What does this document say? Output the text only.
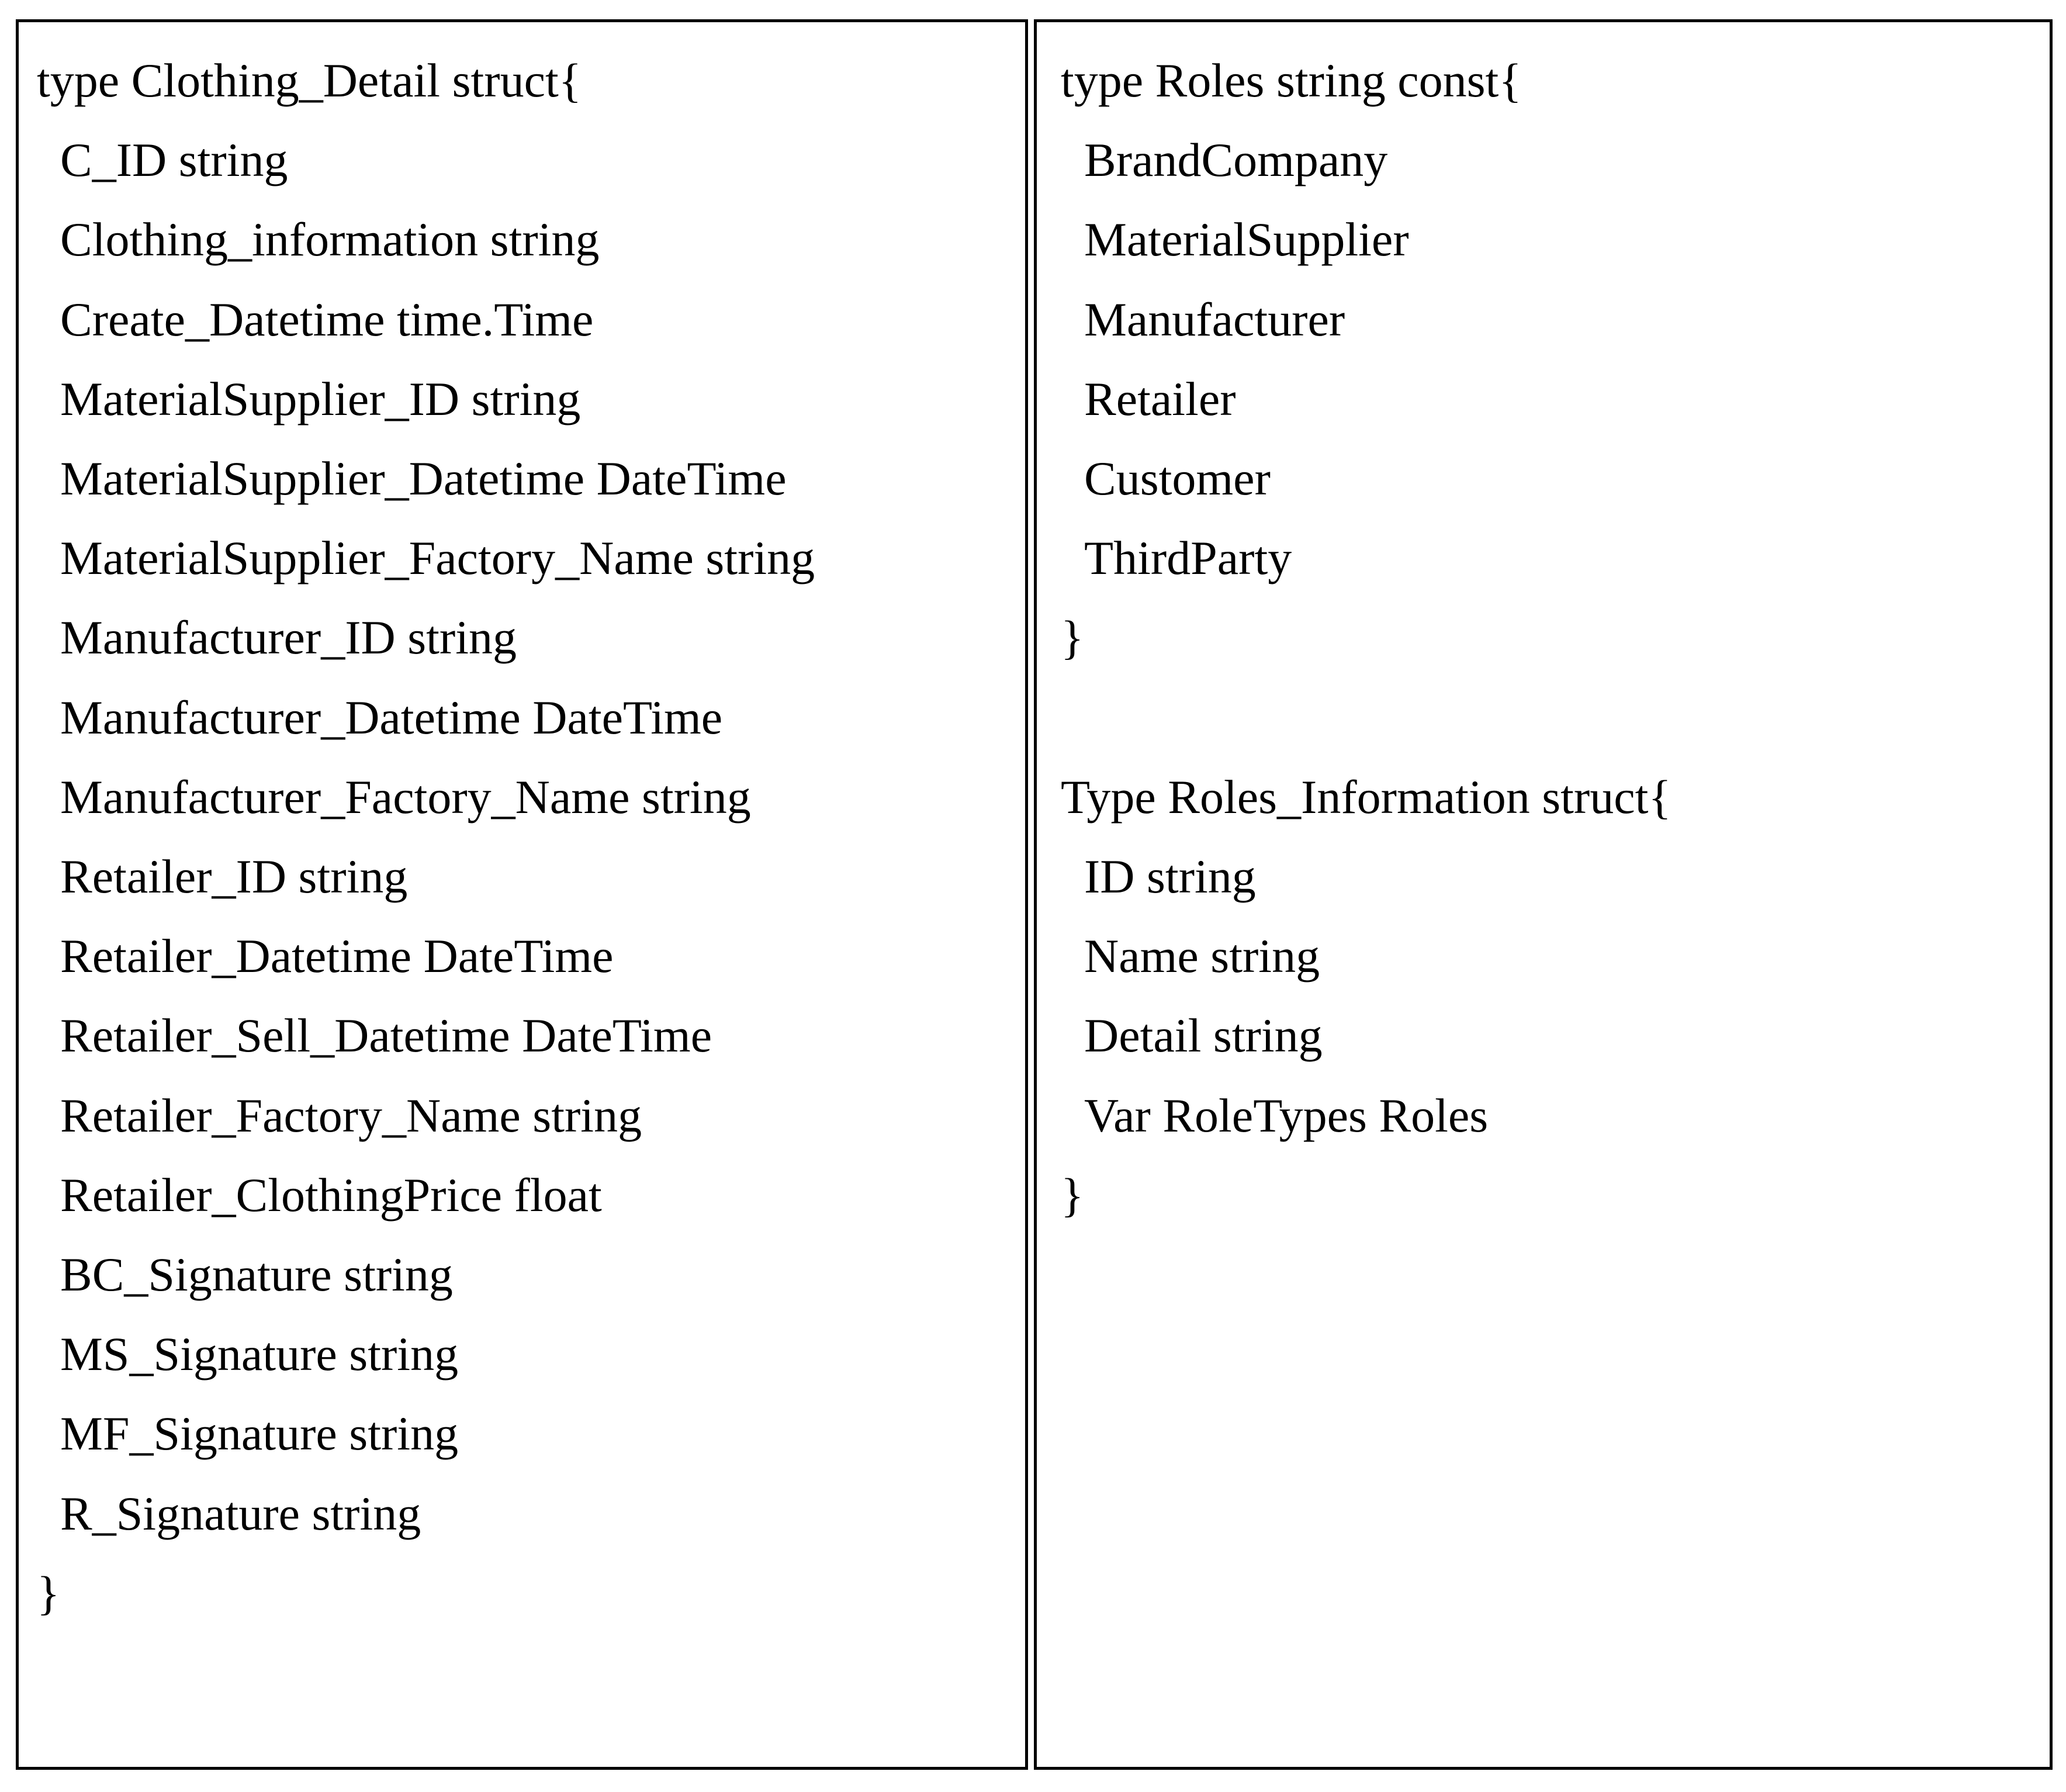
type Clothing_Detail struct{
C_ID string
Clothing_information string
Create_Datetime time.Time
MaterialSupplier_ID string
MaterialSupplier_Datetime DateTime
MaterialSupplier_Factory_Name string
Manufacturer_ID string
Manufacturer_Datetime DateTime
Manufacturer_Factory_Name string
Retailer_ID string
Retailer_Datetime DateTime
Retailer_Sell_Datetime DateTime
Retailer_Factory_Name string
Retailer_ClothingPrice float
BC_Signature string
MS_Signature string
MF_Signature string
R_Signature string
}
type Roles string const{
BrandCompany
MaterialSupplier
Manufacturer
Retailer
Customer
ThirdParty
}
Type Roles_Information struct{
ID string
Name string
Detail string
Var RoleTypes Roles
}
